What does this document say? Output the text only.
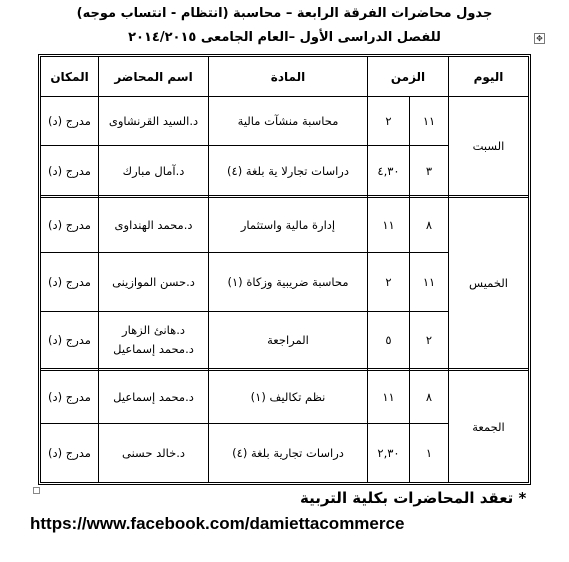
جدول محاضرات الفرقة الرابعة – محاسبة (انتظام - انتساب موجه)
للفصل الدراسى الأول –العام الجامعى ٢٠١٤/٢٠١٥	✥
اليوم
الزمن
المادة
اسم المحاضر
المكان
السبت
الخميس
الجمعة
١١
٢
محاسبة منشآت مالية
د.السيد القرنشاوى
مدرج (د)
٣
٤,٣٠
دراسات تجارلا ية بلغة (٤)
د.آمال مبارك
مدرج (د)
٨
١١
إدارة مالية واستثمار
د.محمد الهنداوى
مدرج (د)
١١
٢
محاسبة ضريبية وزكاة (١)
د.حسن الموازينى
مدرج (د)
٢
٥
المراجعة
د.هانئ الزهار
د.محمد إسماعيل
مدرج (د)
٨
١١
نظم تكاليف (١)
د.محمد إسماعيل
مدرج (د)
١
٢,٣٠
دراسات تجارية بلغة (٤)
د.خالد حسنى
مدرج (د)
* تعقد المحاضرات بكلية التربية
https://www.facebook.com/damiettacommerce
